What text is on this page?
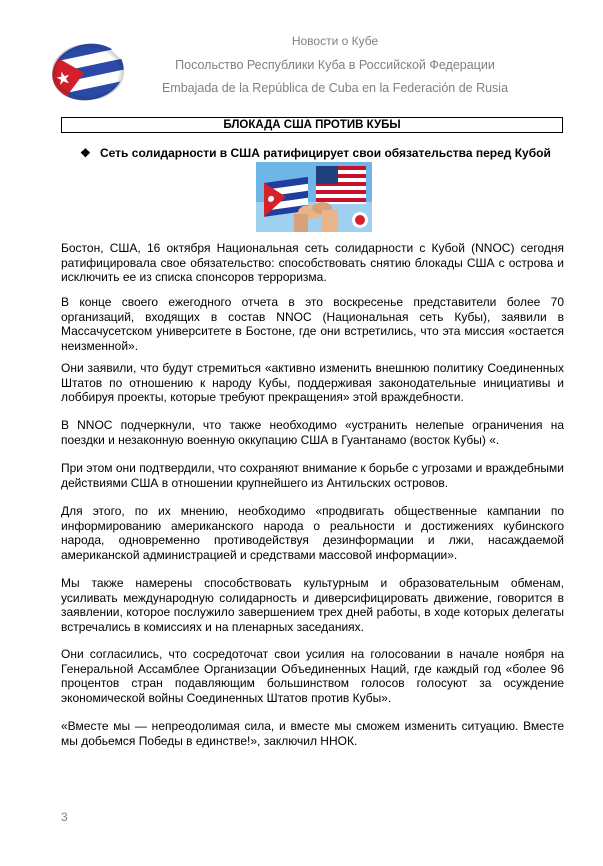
Новости о Кубе
Посольство Республики Куба в Российской Федерации
Embajada de la República de Cuba en la Federación de Rusia
БЛОКАДА США ПРОТИВ КУБЫ
❖ Сеть солидарности в США ратифицирует свои обязательства перед Кубой

Бостон, США, 16 октября Национальная сеть солидарности с Кубой (NNOC) сегодня ратифицировала свое обязательство: способствовать снятию блокады США с острова и исключить ее из списка спонсоров терроризма.

В конце своего ежегодного отчета в это воскресенье представители более 70 организаций, входящих в состав NNOC (Национальная сеть Кубы), заявили в Массачусетском университете в Бостоне, где они встретились, что эта миссия «остается неизменной».

Они заявили, что будут стремиться «активно изменить внешнюю политику Соединенных Штатов по отношению к народу Кубы, поддерживая законодательные инициативы и лоббируя проекты, которые требуют прекращения» этой враждебности.

В NNOC подчеркнули, что также необходимо «устранить нелепые ограничения на поездки и незаконную военную оккупацию США в Гуантанамо (восток Кубы) «.

При этом они подтвердили, что сохраняют внимание к борьбе с угрозами и враждебными действиями США в отношении крупнейшего из Антильских островов.

Для этого, по их мнению, необходимо «продвигать общественные кампании по информированию американского народа о реальности и достижениях кубинского народа, одновременно противодействуя дезинформации и лжи, насаждаемой американской администрацией и средствами массовой информации».

Мы также намерены способствовать культурным и образовательным обменам, усиливать международную солидарность и диверсифицировать движение, говорится в заявлении, которое послужило завершением трех дней работы, в ходе которых делегаты встречались в комиссиях и на пленарных заседаниях.

Они согласились, что сосредоточат свои усилия на голосовании в начале ноября на Генеральной Ассамблее Организации Объединенных Наций, где каждый год «более 96 процентов стран подавляющим большинством голосов голосуют за осуждение экономической войны Соединенных Штатов против Кубы».

«Вместе мы — непреодолимая сила, и вместе мы сможем изменить ситуацию. Вместе мы добьемся Победы в единстве!», заключил ННОК.

3
